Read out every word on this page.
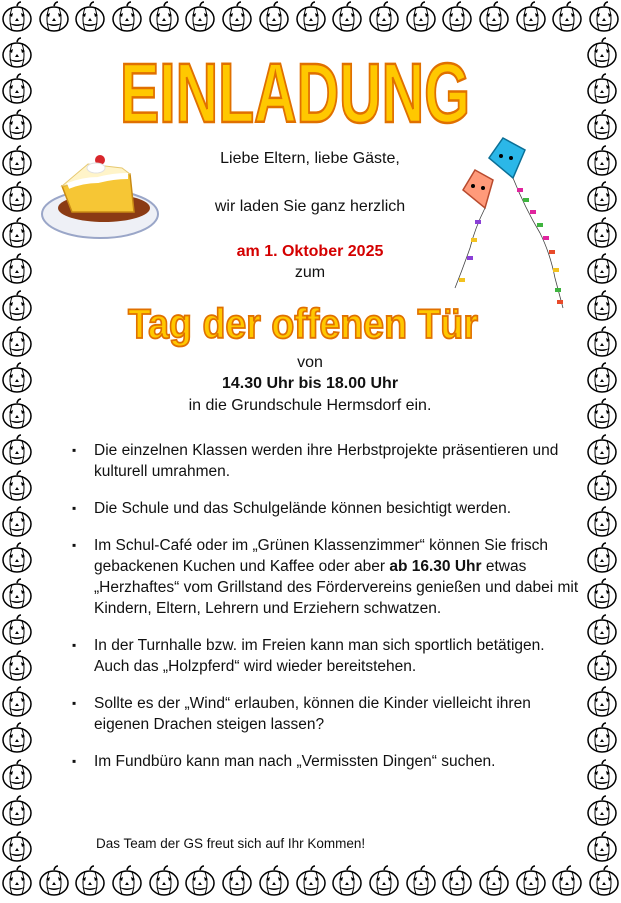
EINLADUNG
Liebe Eltern, liebe Gäste,
wir laden Sie ganz herzlich
am 1. Oktober 2025
zum
Tag der offenen Tür
von
14.30 Uhr bis 18.00 Uhr
in die Grundschule Hermsdorf ein.
▪ Die einzelnen Klassen werden ihre Herbstprojekte präsentieren und kulturell umrahmen.
▪ Die Schule und das Schulgelände können besichtigt werden.
▪ Im Schul-Café oder im „Grünen Klassenzimmer“ können Sie frisch gebackenen Kuchen und Kaffee oder aber ab 16.30 Uhr etwas „Herzhaftes“ vom Grillstand des Fördervereins genießen und dabei mit Kindern, Eltern, Lehrern und Erziehern schwatzen.
▪ In der Turnhalle bzw. im Freien kann man sich sportlich betätigen. Auch das „Holzpferd“ wird wieder bereitstehen.
▪ Sollte es der „Wind“ erlauben, können die Kinder vielleicht ihren eigenen Drachen steigen lassen?
▪ Im Fundbüro kann man nach „Vermissten Dingen“ suchen.
Das Team der GS freut sich auf Ihr Kommen!
